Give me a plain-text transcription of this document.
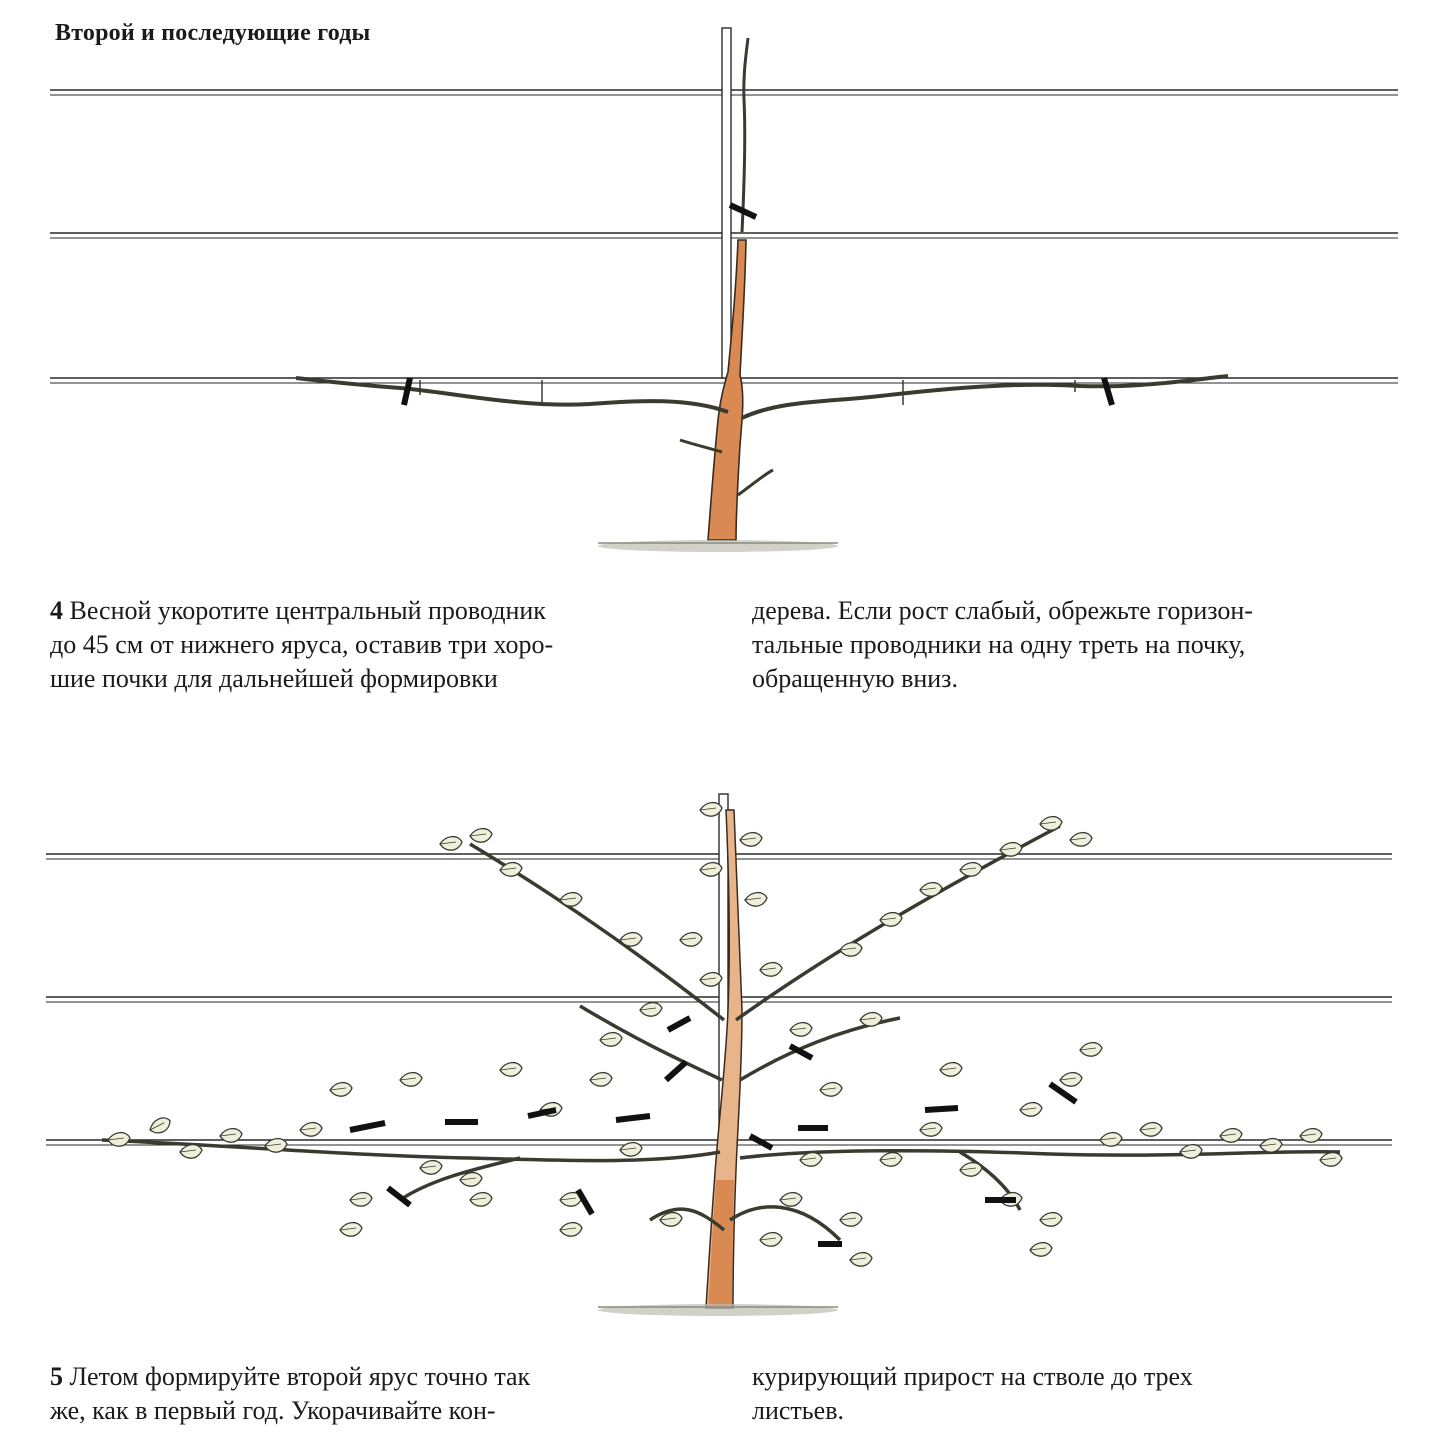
Второй и последующие годы
4 Весной укоротите центральный проводник
до 45 см от нижнего яруса, оставив три хоро-
шие почки для дальнейшей формировки
дерева. Если рост слабый, обрежьте горизон-
тальные проводники на одну треть на почку,
обращенную вниз.
5 Летом формируйте второй ярус точно так
же, как в первый год. Укорачивайте кон-
курирующий прирост на стволе до трех
листьев.
